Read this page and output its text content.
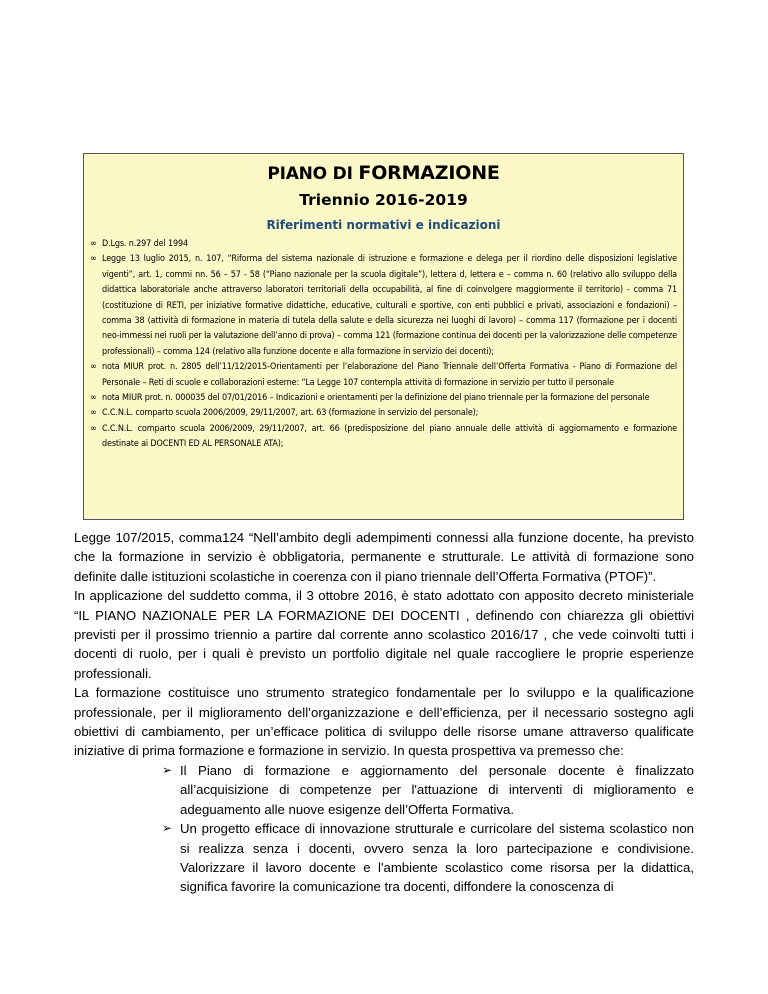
PIANO DI FORMAZIONE
Triennio 2016-2019
Riferimenti normativi e indicazioni
∞ D.Lgs. n.297 del 1994
∞ Legge 13 luglio 2015, n. 107, “Riforma del sistema nazionale di istruzione e formazione e delega per il riordino delle disposizioni legislative vigenti”, art. 1, commi nn. 56 – 57 - 58 (“Piano nazionale per la scuola digitale”), lettera d, lettera e – comma n. 60 (relativo allo sviluppo della didattica laboratoriale anche attraverso laboratori territoriali della occupabilità, al fine di coinvolgere maggiormente il territorio) - comma 71 (costituzione di RETI, per iniziative formative didattiche, educative, culturali e sportive, con enti pubblici e privati, associazioni e fondazioni) – comma 38 (attività di formazione in materia di tutela della salute e della sicurezza nei luoghi di lavoro) – comma 117 (formazione per i docenti neo-immessi nei ruoli per la valutazione dell’anno di prova) – comma 121 (formazione continua dei docenti per la valorizzazione delle competenze professionali) – comma 124 (relativo alla funzione docente e alla formazione in servizio dei docenti);
∞ nota MIUR prot. n. 2805 dell’11/12/2015-Orientamenti per l’elaborazione del Piano Triennale dell’Offerta Formativa - Piano di Formazione del Personale – Reti di scuole e collaborazioni esterne: “La Legge 107 contempla attività di formazione in servizio per tutto il personale
∞ nota MIUR prot. n. 000035 del 07/01/2016 – Indicazioni e orientamenti per la definizione del piano triennale per la formazione del personale
∞ C.C.N.L. comparto scuola 2006/2009, 29/11/2007, art. 63 (formazione in servizio del personale);
∞ C.C.N.L. comparto scuola 2006/2009, 29/11/2007, art. 66 (predisposizione del piano annuale delle attività di aggiornamento e formazione destinate ai DOCENTI ED AL PERSONALE ATA);

Legge 107/2015, comma124 “Nell’ambito degli adempimenti connessi alla funzione docente, ha previsto che la formazione in servizio è obbligatoria, permanente e strutturale. Le attività di formazione sono definite dalle istituzioni scolastiche in coerenza con il piano triennale dell’Offerta Formativa (PTOF)”.

In applicazione del suddetto comma, il 3 ottobre 2016, è stato adottato con apposito decreto ministeriale “IL PIANO NAZIONALE PER LA FORMAZIONE DEI DOCENTI , definendo con chiarezza gli obiettivi previsti per il prossimo triennio a partire dal corrente anno scolastico 2016/17 , che vede coinvolti tutti i docenti di ruolo, per i quali è previsto un portfolio digitale nel quale raccogliere le proprie esperienze professionali.

La formazione costituisce uno strumento strategico fondamentale per lo sviluppo e la qualificazione professionale, per il miglioramento dell’organizzazione e dell’efficienza, per il necessario sostegno agli obiettivi di cambiamento, per un’efficace politica di sviluppo delle risorse umane attraverso qualificate iniziative di prima formazione e formazione in servizio. In questa prospettiva va premesso che:

➢ Il Piano di formazione e aggiornamento del personale docente è finalizzato all’acquisizione di competenze per l'attuazione di interventi di miglioramento e adeguamento alle nuove esigenze dell’Offerta Formativa.
➢ Un progetto efficace di innovazione strutturale e curricolare del sistema scolastico non si realizza senza i docenti, ovvero senza la loro partecipazione e condivisione. Valorizzare il lavoro docente e l'ambiente scolastico come risorsa per la didattica, significa favorire la comunicazione tra docenti, diffondere la conoscenza di
